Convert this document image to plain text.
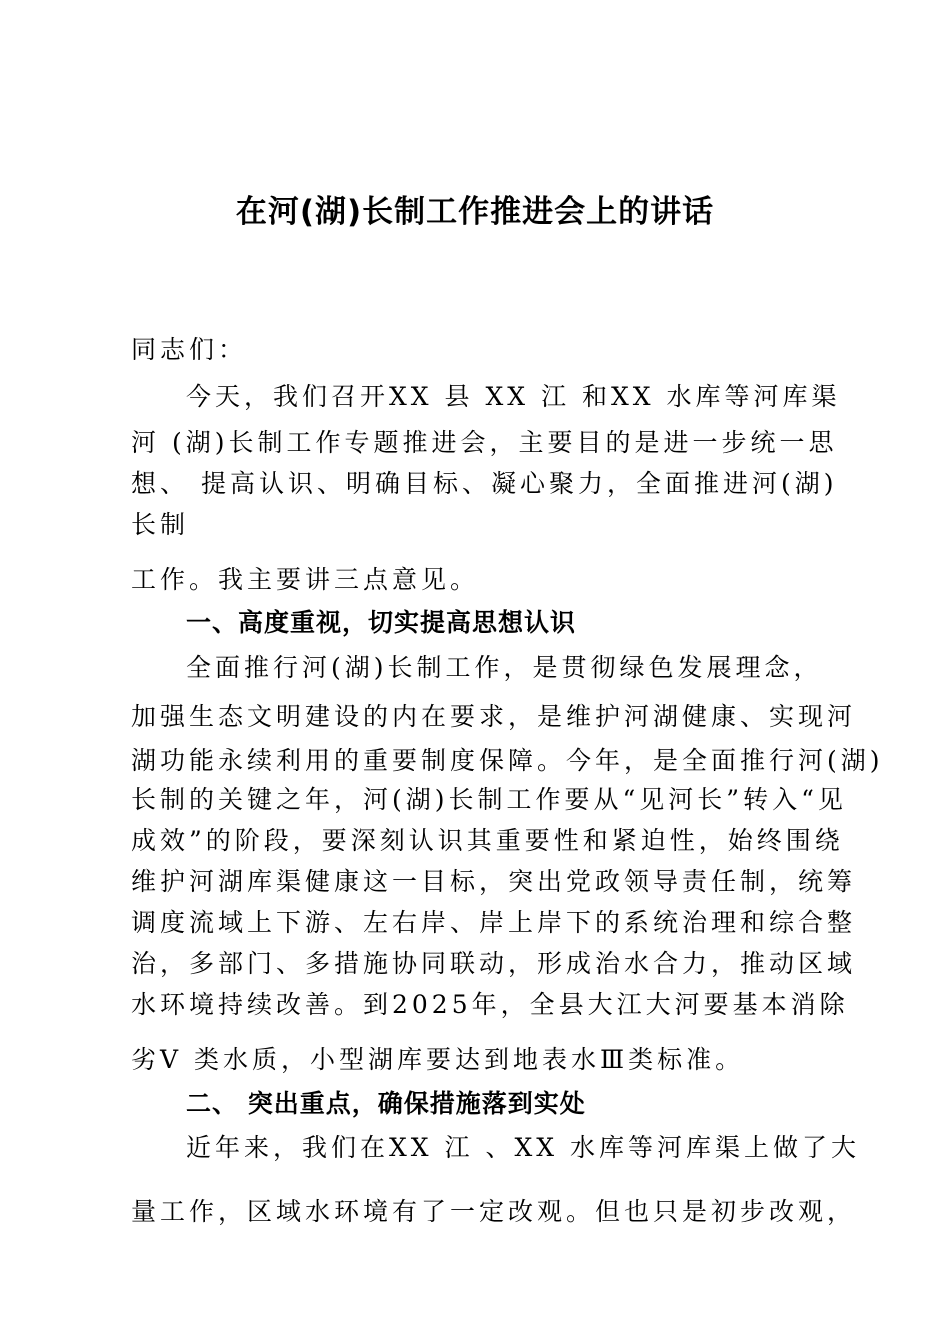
在河(湖)长制工作推进会上的讲话
同志们：
今天，我们召开XX 县 XX 江 和XX 水库等河库渠
河 (湖)长制工作专题推进会，主要目的是进一步统一思
想、 提高认识、明确目标、凝心聚力，全面推进河(湖)
长制
工作。我主要讲三点意见。
一、高度重视，切实提高思想认识
全面推行河(湖)长制工作，是贯彻绿色发展理念，
加强生态文明建设的内在要求，是维护河湖健康、实现河
湖功能永续利用的重要制度保障。今年，是全面推行河(湖)
长制的关键之年，河(湖)长制工作要从“见河长”转入“见
成效”的阶段，要深刻认识其重要性和紧迫性，始终围绕
维护河湖库渠健康这一目标，突出党政领导责任制，统筹
调度流域上下游、左右岸、岸上岸下的系统治理和综合整
治，多部门、多措施协同联动，形成治水合力，推动区域
水环境持续改善。到2025年，全县大江大河要基本消除
劣Ⅴ 类水质，小型湖库要达到地表水Ⅲ类标准。
二、 突出重点，确保措施落到实处
近年来，我们在XX 江 、XX 水库等河库渠上做了大
量工作，区域水环境有了一定改观。但也只是初步改观，
